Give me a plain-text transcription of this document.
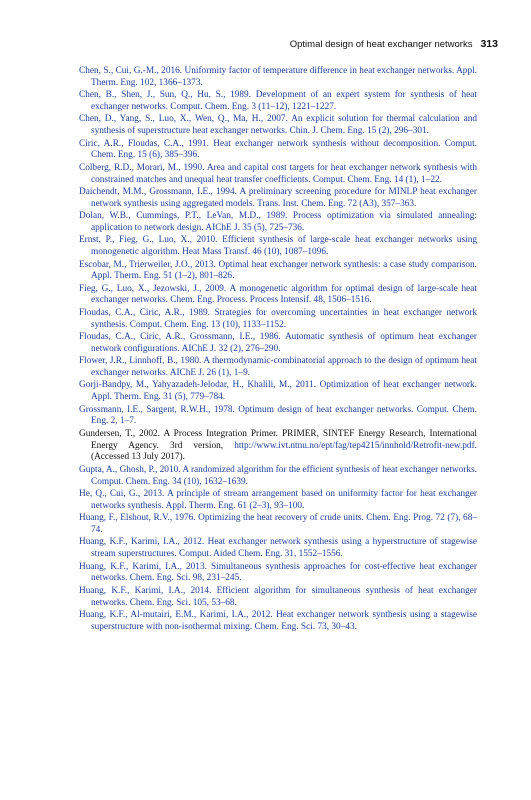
Optimal design of heat exchanger networks 313
Chen, S., Cui, G.-M., 2016. Uniformity factor of temperature difference in heat exchanger networks. Appl. Therm. Eng. 102, 1366–1373.
Chen, B., Shen, J., Sun, Q., Hu, S., 1989. Development of an expert system for synthesis of heat exchanger networks. Comput. Chem. Eng. 3 (11–12), 1221–1227.
Chen, D., Yang, S., Luo, X., Wen, Q., Ma, H., 2007. An explicit solution for thermal calculation and synthesis of superstructure heat exchanger networks. Chin. J. Chem. Eng. 15 (2), 296–301.
Ciric, A.R., Floudas, C.A., 1991. Heat exchanger network synthesis without decomposition. Comput. Chem. Eng. 15 (6), 385–396.
Colberg, R.D., Morari, M., 1990. Area and capital cost targets for heat exchanger network synthesis with constrained matches and unequal heat transfer coefficients. Comput. Chem. Eng. 14 (1), 1–22.
Daichendt, M.M., Grossmann, I.E., 1994. A preliminary screening procedure for MINLP heat exchanger network synthesis using aggregated models. Trans. Inst. Chem. Eng. 72 (A3), 357–363.
Dolan, W.B., Cummings, P.T., LeVan, M.D., 1989. Process optimization via simulated annealing: application to network design. AIChE J. 35 (5), 725–736.
Ernst, P., Fieg, G., Luo, X., 2010. Efficient synthesis of large-scale heat exchanger networks using monogenetic algorithm. Heat Mass Transf. 46 (10), 1087–1096.
Escobar, M., Trierweiler, J.O., 2013. Optimal heat exchanger network synthesis: a case study comparison. Appl. Therm. Eng. 51 (1–2), 801–826.
Fieg, G., Luo, X., Jezowski, J., 2009. A monogenetic algorithm for optimal design of large-scale heat exchanger networks. Chem. Eng. Process. Process Intensif. 48, 1506–1516.
Floudas, C.A., Ciric, A.R., 1989. Strategies for overcoming uncertainties in heat exchanger network synthesis. Comput. Chem. Eng. 13 (10), 1133–1152.
Floudas, C.A., Ciric, A.R., Grossmann, I.E., 1986. Automatic synthesis of optimum heat exchanger network configurations. AIChE J. 32 (2), 276–290.
Flower, J.R., Linnhoff, B., 1980. A thermodynamic-combinatorial approach to the design of optimum heat exchanger networks. AIChE J. 26 (1), 1–9.
Gorji-Bandpy, M., Yahyazadeh-Jelodar, H., Khalili, M., 2011. Optimization of heat exchanger network. Appl. Therm. Eng. 31 (5), 779–784.
Grossmann, I.E., Sargent, R.W.H., 1978. Optimum design of heat exchanger networks. Comput. Chem. Eng. 2, 1–7.
Gundersen, T., 2002. A Process Integration Primer. PRIMER, SINTEF Energy Research, International Energy Agency. 3rd version, http://www.ivt.ntnu.no/ept/fag/tep4215/innhold/Retrofit-new.pdf. (Accessed 13 July 2017).
Gupta, A., Ghosh, P., 2010. A randomized algorithm for the efficient synthesis of heat exchanger networks. Comput. Chem. Eng. 34 (10), 1632–1639.
He, Q., Cui, G., 2013. A principle of stream arrangement based on uniformity factor for heat exchanger networks synthesis. Appl. Therm. Eng. 61 (2–3), 93–100.
Huang, F., Elshout, R.V., 1976. Optimizing the heat recovery of crude units. Chem. Eng. Prog. 72 (7), 68–74.
Huang, K.F., Karimi, I.A., 2012. Heat exchanger network synthesis using a hyperstructure of stagewise stream superstructures. Comput. Aided Chem. Eng. 31, 1552–1556.
Huang, K.F., Karimi, I.A., 2013. Simultaneous synthesis approaches for cost-effective heat exchanger networks. Chem. Eng. Sci. 98, 231–245.
Huang, K.F., Karimi, I.A., 2014. Efficient algorithm for simultaneous synthesis of heat exchanger networks. Chem. Eng. Sci. 105, 53–68.
Huang, K.F., Al-mutairi, E.M., Karimi, I.A., 2012. Heat exchanger network synthesis using a stagewise superstructure with non-isothermal mixing. Chem. Eng. Sci. 73, 30–43.
